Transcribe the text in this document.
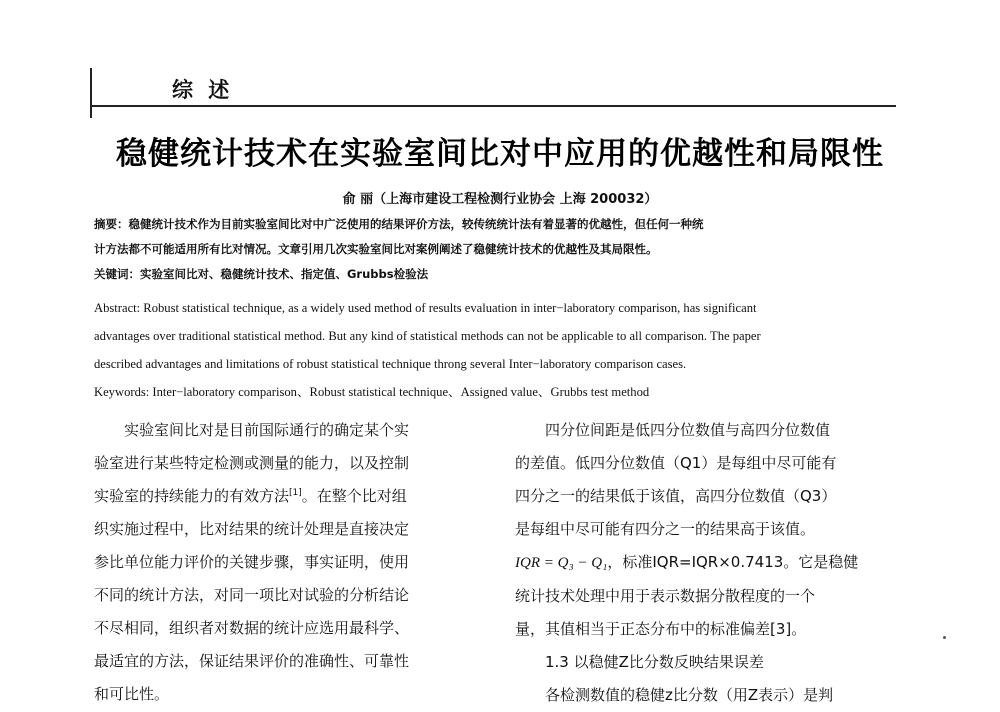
综 述
稳健统计技术在实验室间比对中应用的优越性和局限性
俞 丽（上海市建设工程检测行业协会 上海 200032）
摘要：稳健统计技术作为目前实验室间比对中广泛使用的结果评价方法，较传统统计法有着显著的优越性，但任何一种统
计方法都不可能适用所有比对情况。文章引用几次实验室间比对案例阐述了稳健统计技术的优越性及其局限性。
关键词：实验室间比对、稳健统计技术、指定值、Grubbs检验法
Abstract: Robust statistical technique, as a widely used method of results evaluation in inter−laboratory comparison, has significant
advantages over traditional statistical method. But any kind of statistical methods can not be applicable to all comparison. The paper
described advantages and limitations of robust statistical technique throng several Inter−laboratory comparison cases.
Keywords: Inter−laboratory comparison、Robust statistical technique、Assigned value、Grubbs test method
实验室间比对是目前国际通行的确定某个实
验室进行某些特定检测或测量的能力，以及控制
实验室的持续能力的有效方法[1]。在整个比对组
织实施过程中，比对结果的统计处理是直接决定
参比单位能力评价的关键步骤，事实证明，使用
不同的统计方法，对同一项比对试验的分析结论
不尽相同，组织者对数据的统计应选用最科学、
最适宜的方法，保证结果评价的准确性、可靠性
和可比性。
四分位间距是低四分位数值与高四分位数值
的差值。低四分位数值（Q1）是每组中尽可能有
四分之一的结果低于该值，高四分位数值（Q3）
是每组中尽可能有四分之一的结果高于该值。
IQR = Q₃ − Q₁，标准IQR=IQR×0.7413。它是稳健
统计技术处理中用于表示数据分散程度的一个
量，其值相当于正态分布中的标准偏差[3]。
1.3 以稳健Z比分数反映结果误差
各检测数值的稳健z比分数（用Z表示）是判
